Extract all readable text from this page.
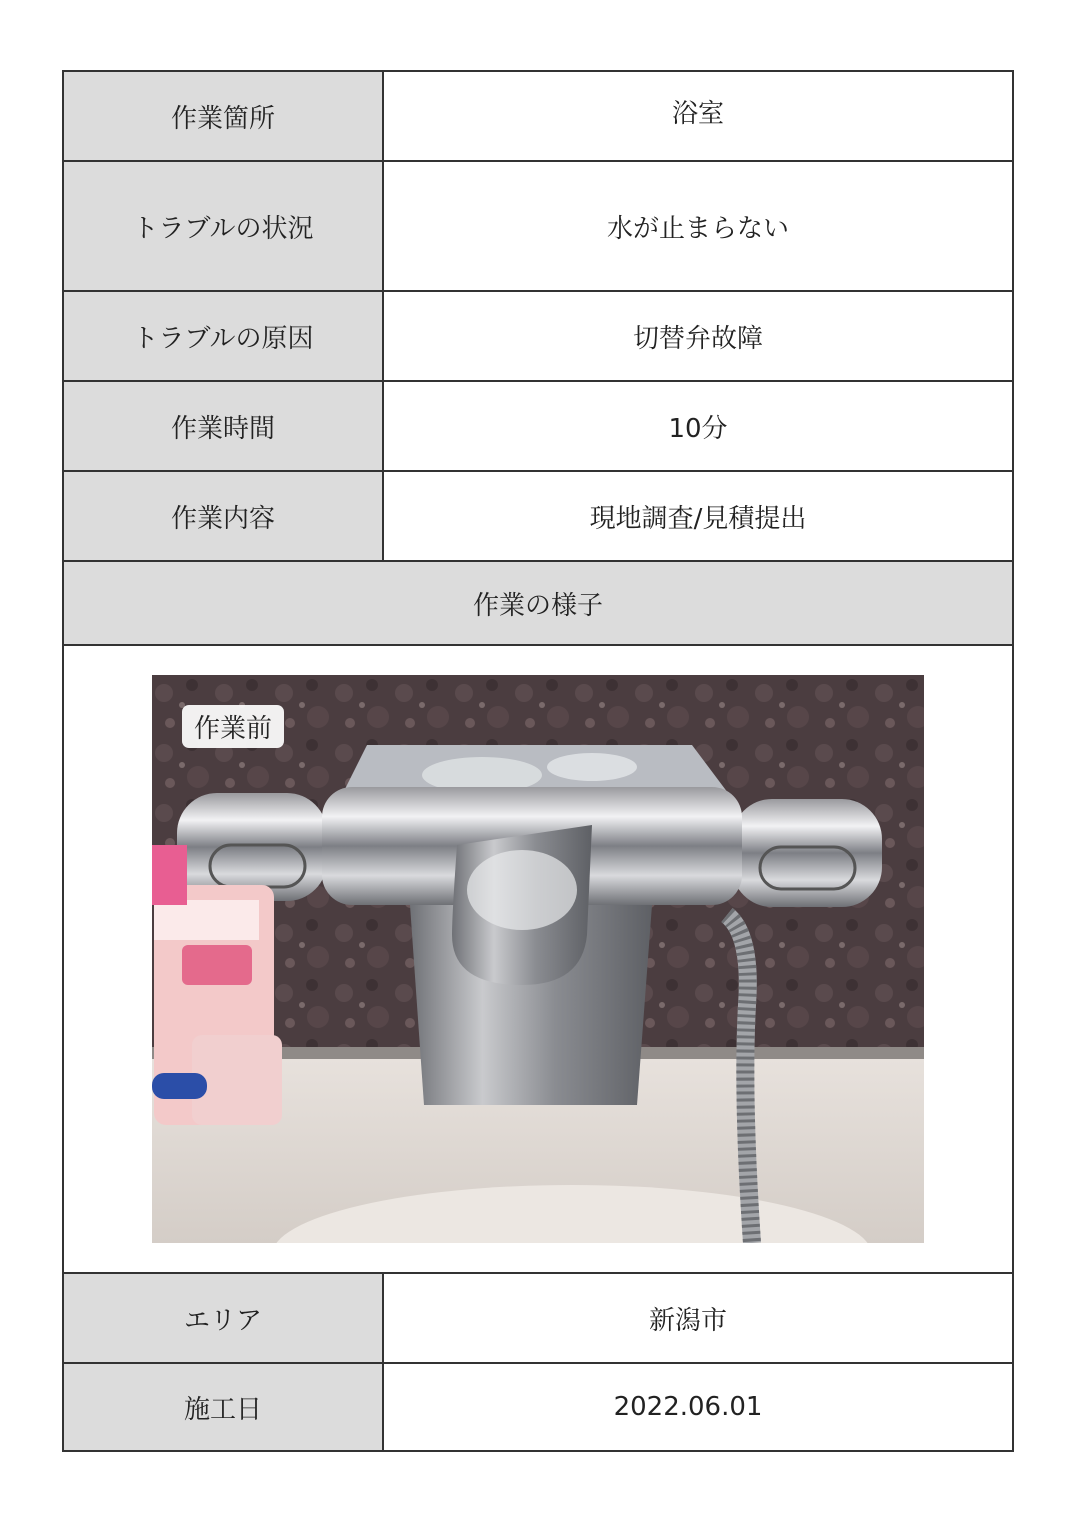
作業箇所	浴室
トラブルの状況	水が止まらない
トラブルの原因	切替弁故障
作業時間	10分
作業内容	現地調査/見積提出
作業の様子
作業前
エリア	新潟市
施工日	2022.06.01
